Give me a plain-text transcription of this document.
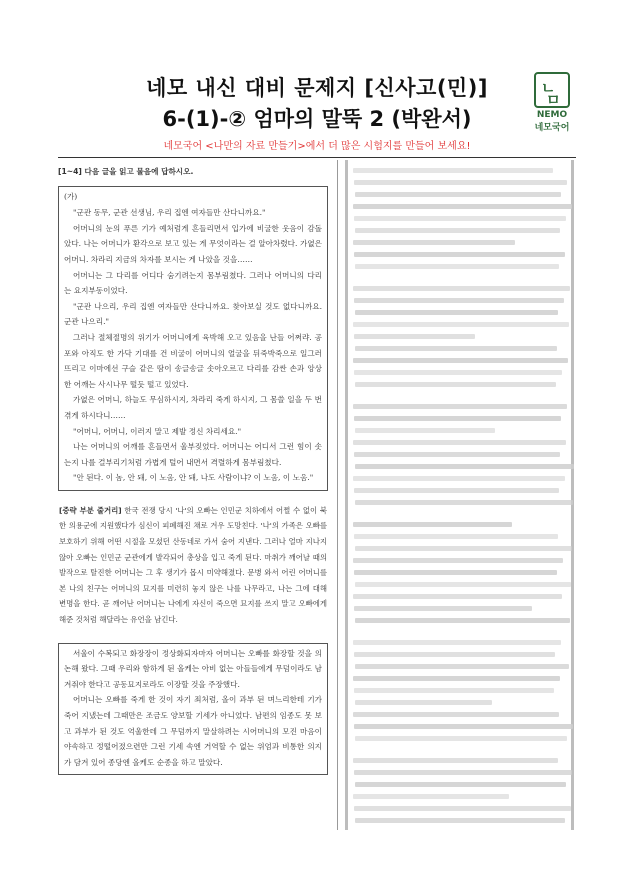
네모 내신 대비 문제지 [신사고(민)]
6-(1)-② 엄마의 말뚝 2 (박완서)
네모국어 <나만의 자료 만들기>에서 더 많은 시험지를 만들어 보세요!
ㄴ
ㅁ
NEMO
네모국어
[1~4] 다음 글을 읽고 물음에 답하시오.

(가)

"군관 동무, 군관 선생님, 우리 집엔 여자들만 산다니까요."

어머니의 눈의 푸른 기가 예처럼게 흔들리면서 입가에 비굴한 웃음이 감돌았다. 나는 어머니가 환각으로 보고 있는 게 무엇이라는 걸 알아차렸다. 가엾은 어머니. 차라리 지금의 차자를 보시는 게 나았을 것을……

어머니는 그 다리를 어디다 숨기려는지 몸부림쳤다. 그러나 어머니의 다리는 요지부동이었다.

"군관 나으리, 우리 집엔 여자들만 산다니까요. 찾아보실 것도 없다니까요. 군관 나으리."

그러나 절체절명의 위기가 어머니에게 육박해 오고 있음을 난들 어쩌랴. 공포와 아직도 한 가닥 기대를 건 비굴이 어머니의 얼굴을 뒤죽박죽으로 일그러뜨리고 이마에선 구슬 같은 땀이 송글송글 솟아오르고 다리를 감싼 손과 앙상한 어깨는 사시나무 떨듯 떨고 있었다.

가엾은 어머니, 하늘도 무심하시지, 차라리 죽게 하시지, 그 몸쓸 일을 두 번 겪게 하시다니……

"어머니, 어머니, 이러지 말고 제발 정신 차리세요."

나는 어머니의 어깨를 흔들면서 울부짖었다. 어머니는 어디서 그런 힘이 솟는지 나를 걸부리기처럼 가볍게 털어 내면서 격렬하게 몸부림쳤다.

"안 된다. 이 놈, 안 돼, 이 노옴, 안 돼, 나도 사람이냐? 이 노옴, 이 노옴."

[중략 부분 줄거리] 한국 전쟁 당시 '나'의 오빠는 인민군 치하에서 어쩔 수 없이 북한 의용군에 지원했다가 심신이 피폐해진 채로 겨우 도망친다. '나'의 가족은 오빠를 보호하기 위해 어떤 시절을 모셨던 산동네로 가서 숨어 지낸다. 그러나 얼마 지나지 않아 오빠는 인민군 군관에게 발각되어 총상을 입고 죽게 된다. 마취가 깨어날 때의 발작으로 탈진한 어머니는 그 후 생기가 몹시 미약해졌다. 문병 와서 어린 어머니를 본 나의 친구는 어머니의 묘지를 미련히 놓지 않은 나를 나무라고, 나는 그에 대해 변명을 한다. 곧 깨어난 어머니는 나에게 자신이 죽으면 묘지를 쓰지 말고 오빠에게 해준 것처럼 해달라는 유언을 남긴다.

서울이 수복되고 화장장이 정상화되자마자 어머니는 오빠를 화장할 것을 의논해 왔다. 그때 우리와 함하게 된 올케는 아비 없는 아들들에게 무덤이라도 남겨줘야 한다고 공동묘지로라도 이장할 것을 주장했다.

어머니는 오빠를 죽게 한 것이 자기 죄처럼, 올이 과부 된 며느리한테 기가 죽어 지냈는데 그때만은 조금도 양보할 기세가 아니었다. 남편의 임종도 못 보고 과부가 된 것도 억울한데 그 무덤까지 말살하려는 시어머니의 모진 마음이 야속하고 정떨어졌으련만 그런 기세 속엔 거역할 수 없는 위엄과 비통한 의지가 담겨 있어 종당엔 올케도 순종을 하고 말았다.
